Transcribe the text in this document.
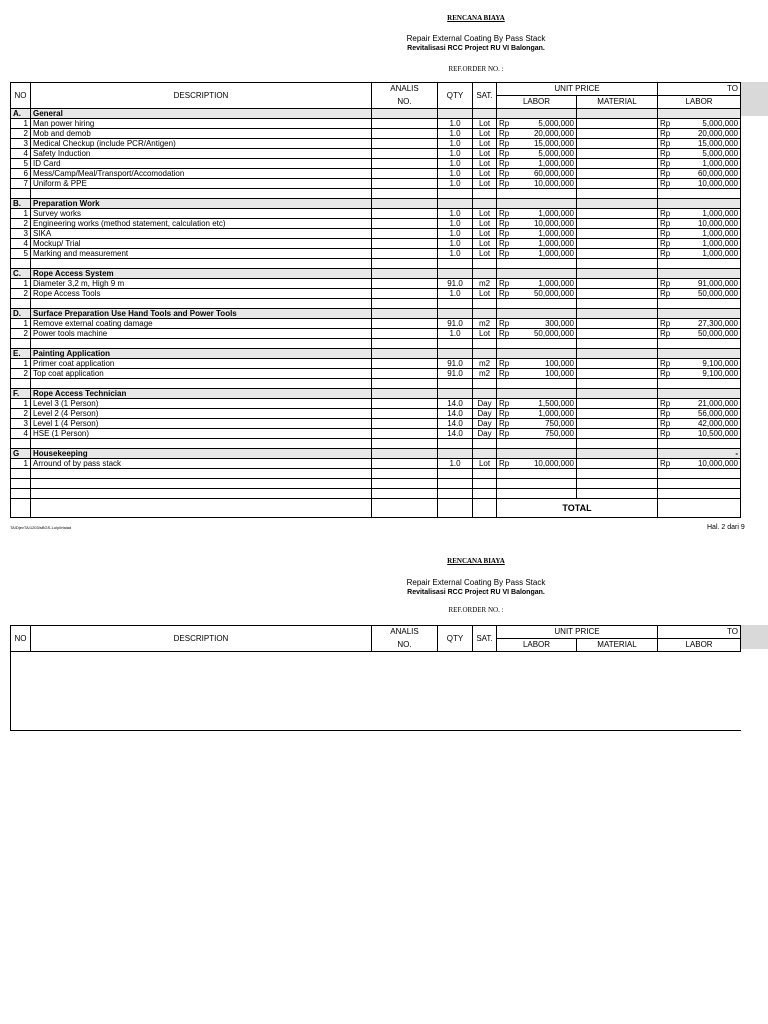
RENCANA BIAYA
Repair External Coating By Pass Stack
Revitalisasi RCC Project RU VI Balongan.
REF.ORDER NO. :
NO	DESCRIPTION	ANALIS	QTY	SAT.	UNIT PRICE		TO
		NO.			LABOR	MATERIAL	LABOR
A.	General						
1	Man power hiring		1.0	Lot	Rp 5,000,000		Rp 5,000,000

2	Mob and demob		1.0	Lot	Rp 20,000,000		Rp 20,000,000

3	Medical Checkup (include PCR/Antigen)		1.0	Lot	Rp 15,000,000		Rp 15,000,000

4	Safety Induction		1.0	Lot	Rp 5,000,000		Rp 5,000,000

5	ID Card		1.0	Lot	Rp 1,000,000		Rp 1,000,000

6	Mess/Camp/Meal/Transport/Accomodation		1.0	Lot	Rp 60,000,000		Rp 60,000,000

7	Uniform & PPE		1.0	Lot	Rp 10,000,000		Rp 10,000,000

B.	Preparation Work						
1	Survey works		1.0	Lot	Rp 1,000,000		Rp 1,000,000

2	Engineering works (method statement, calculation etc)		1.0	Lot	Rp 10,000,000		Rp 10,000,000

3	SIKA		1.0	Lot	Rp 1,000,000		Rp 1,000,000

4	Mockup/ Trial		1.0	Lot	Rp 1,000,000		Rp 1,000,000

5	Marking and measurement		1.0	Lot	Rp 1,000,000		Rp 1,000,000

C.	Rope Access System						
1	Diameter 3,2 m, High 9 m		91.0	m2	Rp 1,000,000		Rp 91,000,000

2	Rope Access Tools		1.0	Lot	Rp 50,000,000		Rp 50,000,000

D.	Surface Preparation Use Hand Tools and Power Tools						
1	Remove external coating damage		91.0	m2	Rp 300,000		Rp 27,300,000

2	Power tools machine		1.0	Lot	Rp 50,000,000		Rp 50,000,000

E.	Painting Application						
1	Primer coat application		91.0	m2	Rp 100,000		Rp 9,100,000

2	Top coat application		91.0	m2	Rp 100,000		Rp 9,100,000

F.	Rope Access Technician						
1	Level 3 (1 Person)		14.0	Day	Rp 1,500,000		Rp 21,000,000

2	Level 2 (4 Person)		14.0	Day	Rp 1,000,000		Rp 56,000,000

3	Level 1 (4 Person)		14.0	Day	Rp 750,000		Rp 42,000,000

4	HSE (1 Person)		14.0	Day	Rp 750,000		Rp 10,500,000

G	Housekeeping						-
1	Arround of by pass stack		1.0	Lot	Rp 10,000,000		Rp 10,000,000

					TOTAL		
TA/DjevTA/1203/sBGS-Luly/Irfaiad	Hal. 2 dari 9
RENCANA BIAYA
Repair External Coating By Pass Stack
Revitalisasi RCC Project RU VI Balongan.
REF.ORDER NO. :
NO	DESCRIPTION	ANALIS	QTY	SAT.	UNIT PRICE		TO
		NO.			LABOR	MATERIAL	LABOR
